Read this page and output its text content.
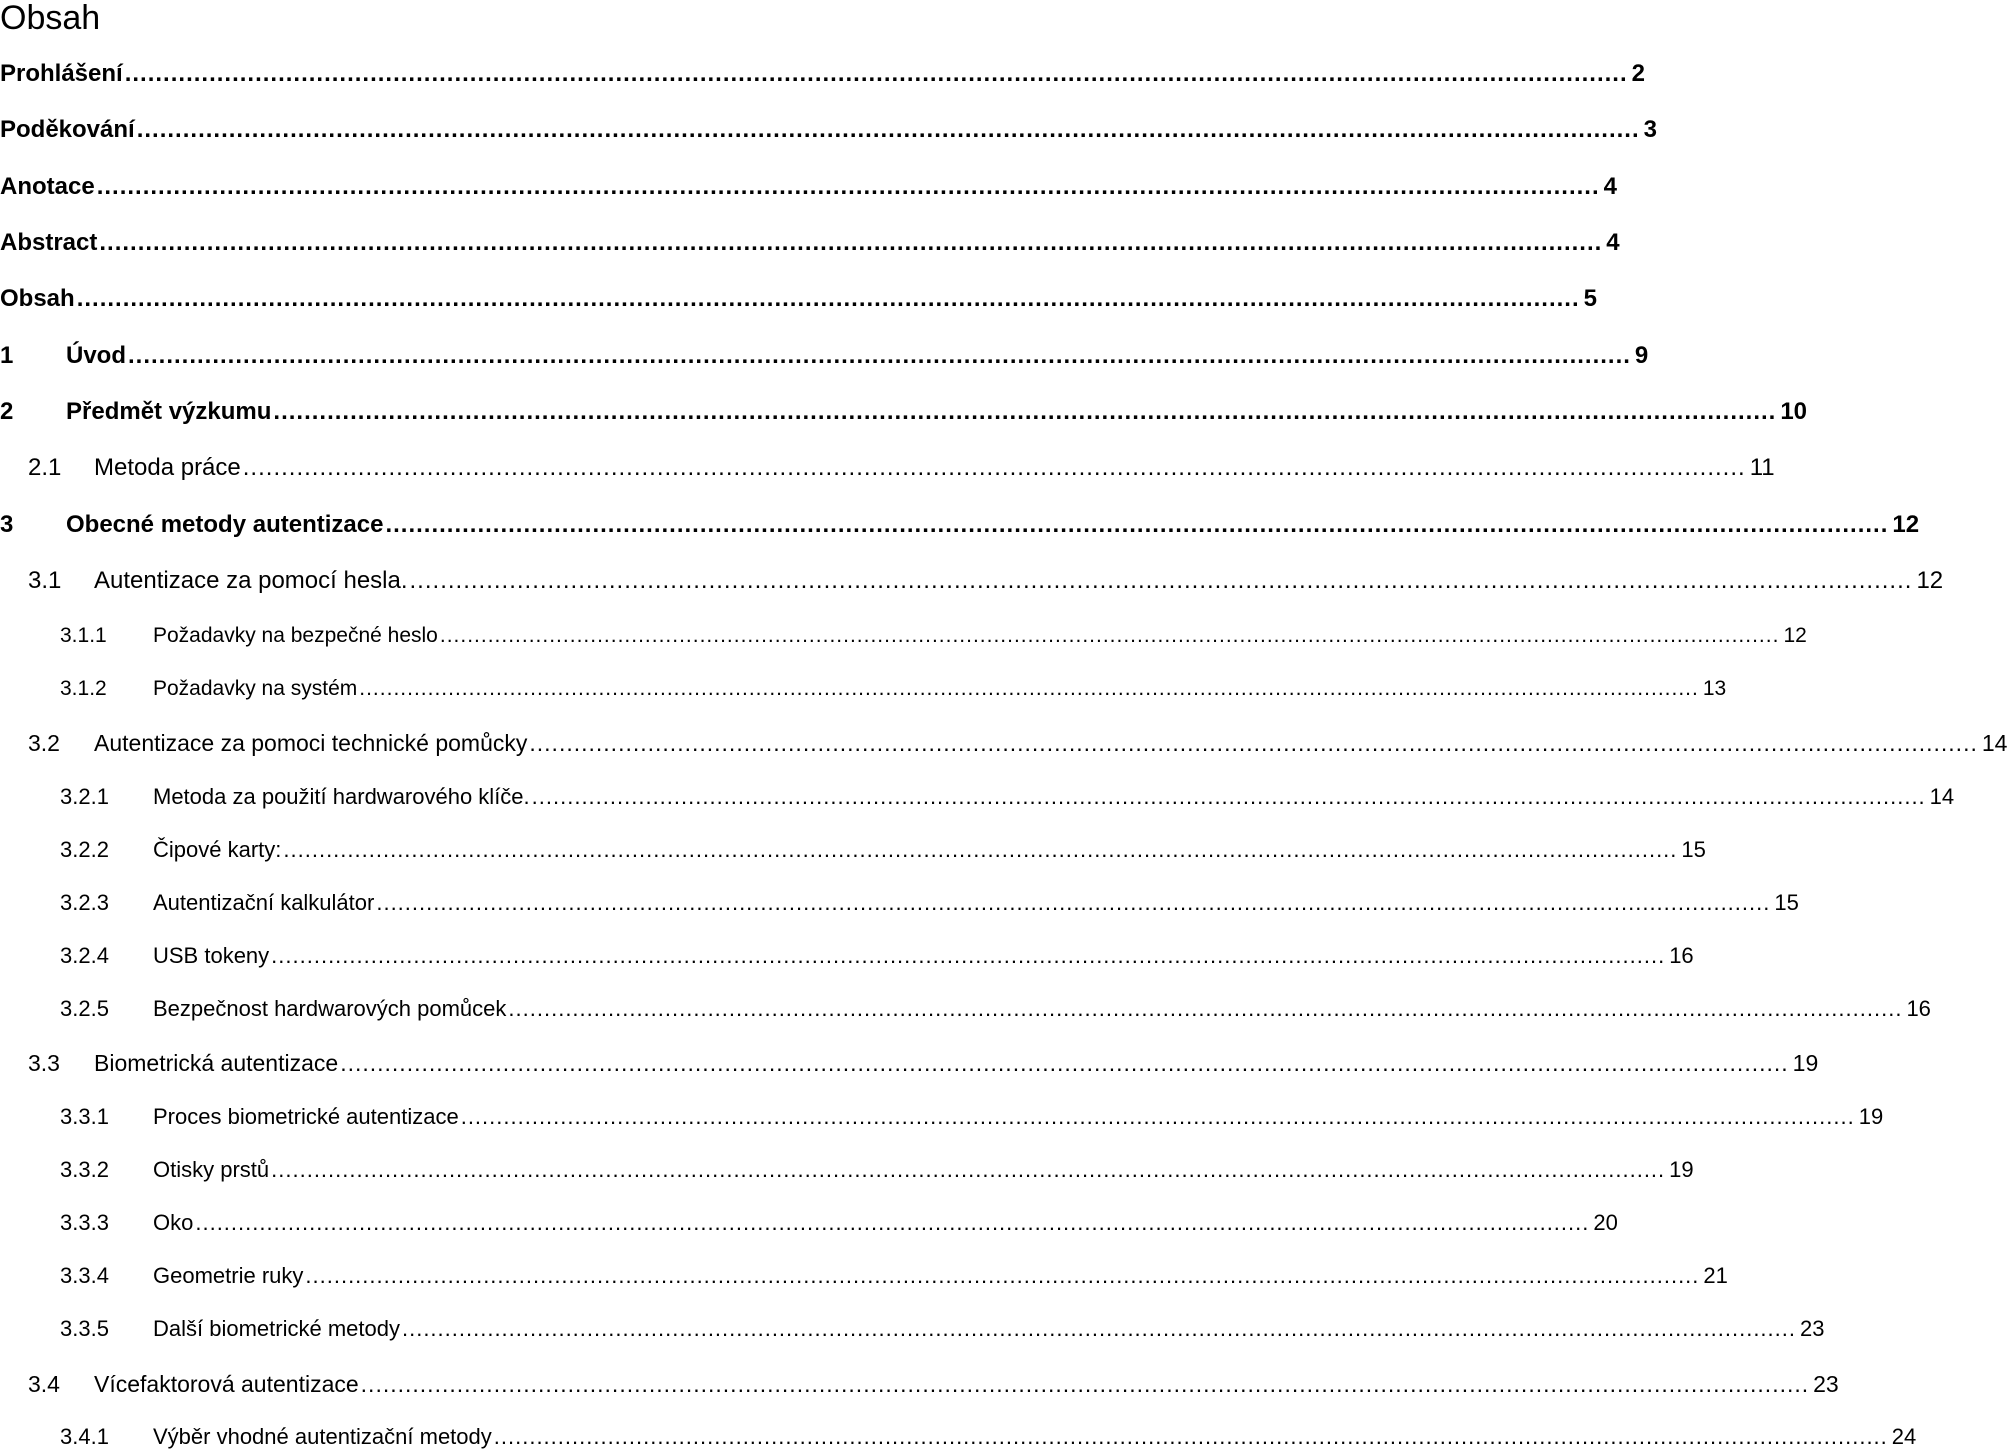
Obsah
Prohlášení .................................................................................................................................................................................................... 2
Poděkování .................................................................................................................................................................................................... 3
Anotace .................................................................................................................................................................................................... 4
Abstract .................................................................................................................................................................................................... 4
Obsah .................................................................................................................................................................................................... 5
1	Úvod .................................................................................................................................................................................................... 9
2	Předmět výzkumu .................................................................................................................................................................................................... 10
2.1	Metoda práce .................................................................................................................................................................................................... 11
3	Obecné metody autentizace .................................................................................................................................................................................................... 12
3.1	Autentizace za pomocí hesla. .................................................................................................................................................................................................... 12
3.1.1	Požadavky na bezpečné heslo .................................................................................................................................................................................................... 12
3.1.2	Požadavky na systém .................................................................................................................................................................................................... 13
3.2	Autentizace za pomoci technické pomůcky .................................................................................................................................................................................................... 14
3.2.1	Metoda za použití hardwarového klíče. .................................................................................................................................................................................................... 14
3.2.2	Čipové karty: .................................................................................................................................................................................................... 15
3.2.3	Autentizační kalkulátor .................................................................................................................................................................................................... 15
3.2.4	USB tokeny .................................................................................................................................................................................................... 16
3.2.5	Bezpečnost hardwarových pomůcek .................................................................................................................................................................................................... 16
3.3	Biometrická autentizace .................................................................................................................................................................................................... 19
3.3.1	Proces biometrické autentizace .................................................................................................................................................................................................... 19
3.3.2	Otisky prstů .................................................................................................................................................................................................... 19
3.3.3	Oko .................................................................................................................................................................................................... 20
3.3.4	Geometrie ruky .................................................................................................................................................................................................... 21
3.3.5	Další biometrické metody .................................................................................................................................................................................................... 23
3.4	Vícefaktorová autentizace .................................................................................................................................................................................................... 23
3.4.1	Výběr vhodné autentizační metody .................................................................................................................................................................................................... 24
